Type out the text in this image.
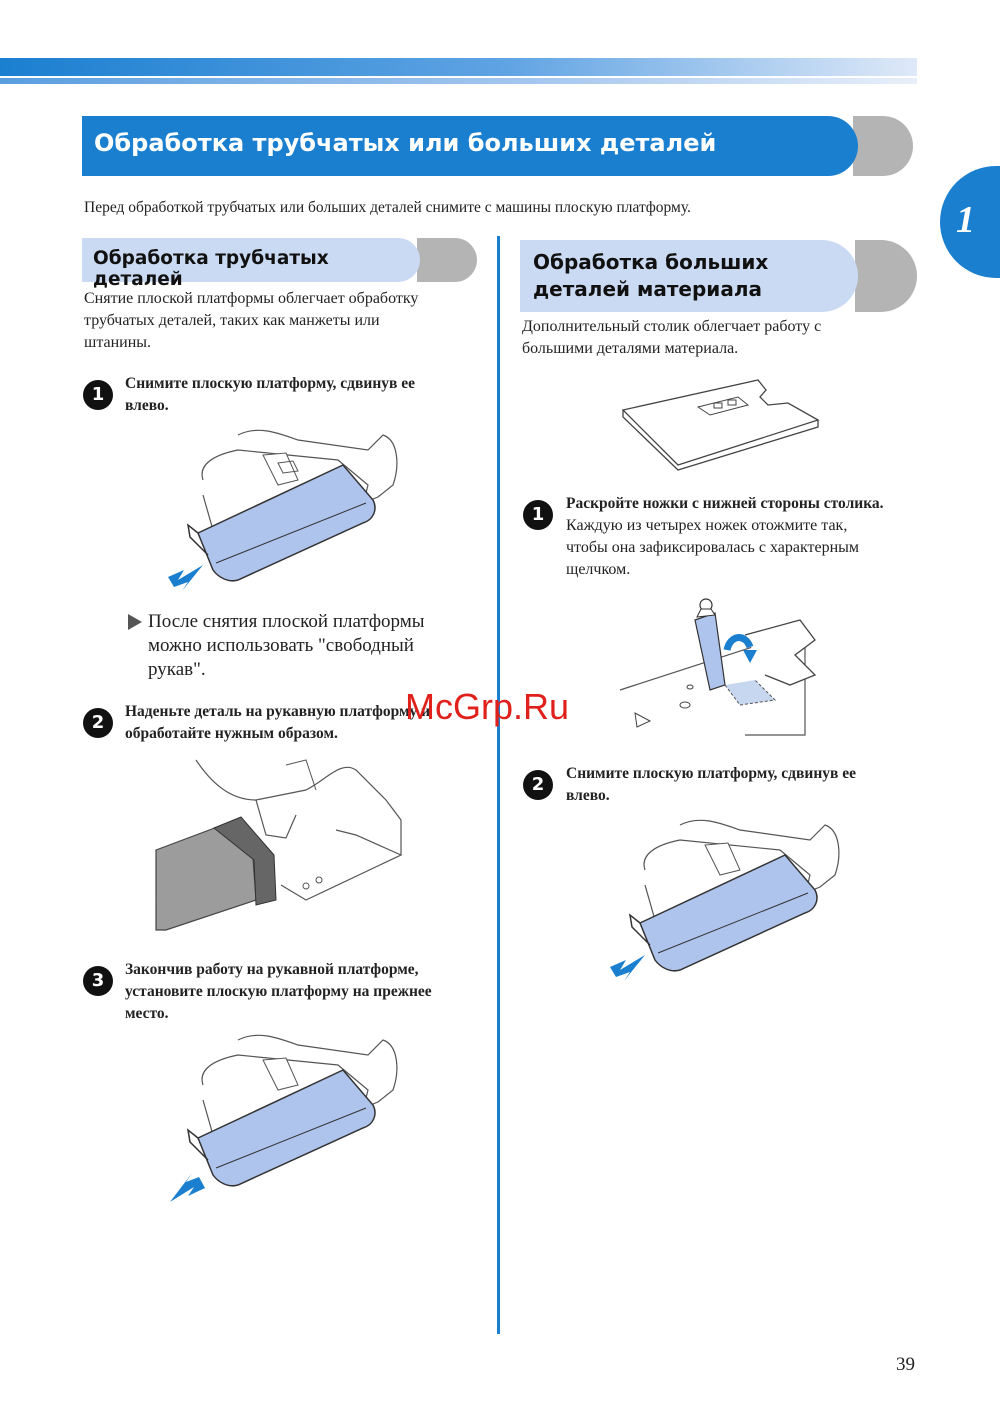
Обработка трубчатых или больших деталей
1
Перед обработкой трубчатых или больших деталей снимите с машины плоскую платформу.
Обработка трубчатых деталей
Снятие плоской платформы облегчает обработку
трубчатых деталей, таких как манжеты или
штанины.
1
Снимите плоскую платформу, сдвинув ее
влево.
После снятия плоской платформы
можно использовать "свободный
рукав".
2
Наденьте деталь на рукавную платформу и
обработайте нужным образом.
3
Закончив работу на рукавной платформе,
установите плоскую платформу на прежнее
место.
Обработка больших
деталей материала
Дополнительный столик облегчает работу с
большими деталями материала.
1
Раскройте ножки с нижней стороны столика.
Каждую из четырех ножек отожмите так,
чтобы она зафиксировалась с характерным
щелчком.
2
Снимите плоскую платформу, сдвинув ее
влево.
McGrp.Ru
39
